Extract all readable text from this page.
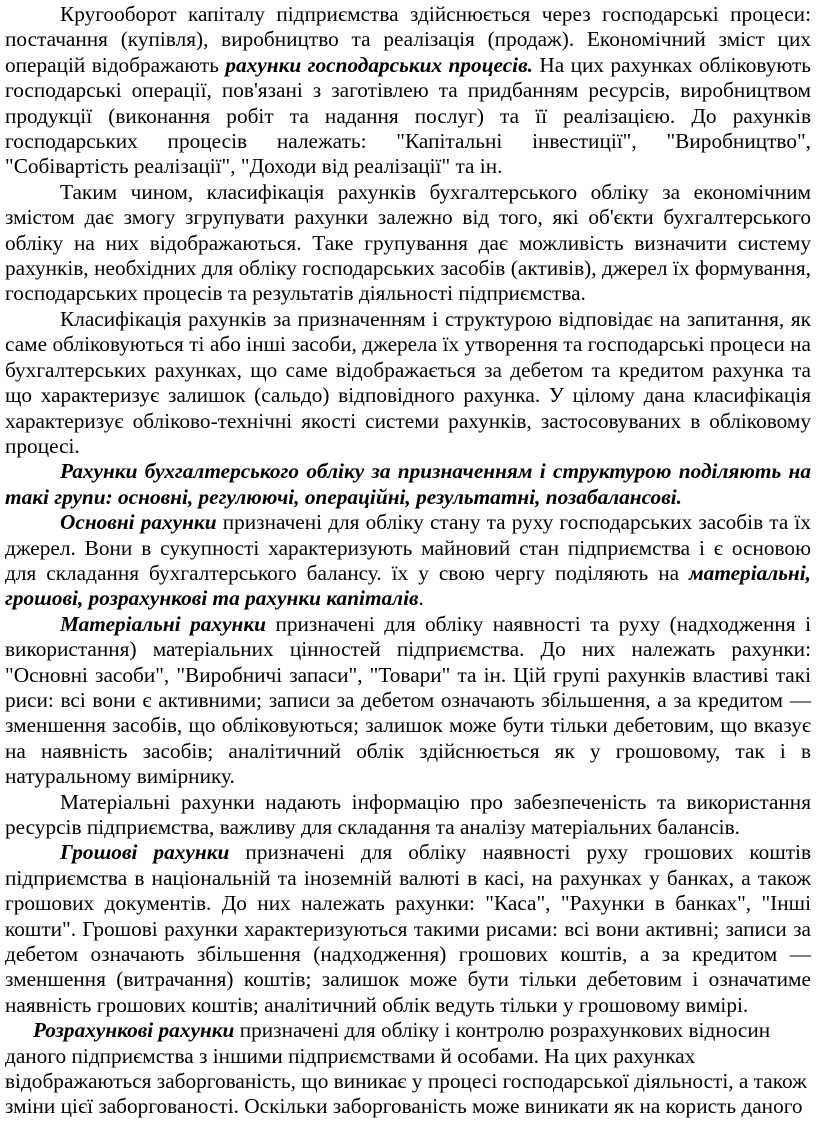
Кругооборот капіталу підприємства здійснюється через господарські процеси: постачання (купівля), виробництво та реалізація (продаж). Економічний зміст цих операцій відображають рахунки господарських процесів. На цих рахунках обліковують господарські операції, пов'язані з заготівлею та придбанням ресурсів, виробництвом продукції (виконання робіт та надання послуг) та її реалізацією. До рахунків господарських процесів належать: "Капітальні інвестиції", "Виробництво", "Собівартість реалізації", "Доходи від реалізації" та ін.

Таким чином, класифікація рахунків бухгалтерського обліку за економічним змістом дає змогу згрупувати рахунки залежно від того, які об'єкти бухгалтерського обліку на них відображаються. Таке групування дає можливість визначити систему рахунків, необхідних для обліку господарських засобів (активів), джерел їх формування, господарських процесів та результатів діяльності підприємства.

Класифікація рахунків за призначенням і структурою відповідає на запитання, як саме обліковуються ті або інші засоби, джерела їх утворення та господарські процеси на бухгалтерських рахунках, що саме відображається за дебетом та кредитом рахунка та що характеризує залишок (сальдо) відповідного рахунка. У цілому дана класифікація характеризує обліково-технічні якості системи рахунків, застосовуваних в обліковому процесі.

Рахунки бухгалтерського обліку за призначенням і структурою поділяють на такі групи: основні, регулюючі, операційні, результатні, позабалансові.

Основні рахунки призначені для обліку стану та руху господарських засобів та їх джерел. Вони в сукупності характеризують майновий стан підприємства і є основою для складання бухгалтерського балансу. їх у свою чергу поділяють на матеріальні, грошові, розрахункові та рахунки капіталів.

Матеріальні рахунки призначені для обліку наявності та руху (надходження і використання) матеріальних цінностей підприємства. До них належать рахунки: "Основні засоби", "Виробничі запаси", "Товари" та ін. Цій групі рахунків властиві такі риси: всі вони є активними; записи за дебетом означають збільшення, а за кредитом — зменшення засобів, що обліковуються; залишок може бути тільки дебетовим, що вказує на наявність засобів; аналітичний облік здійснюється як у грошовому, так і в натуральному вимірнику.

Матеріальні рахунки надають інформацію про забезпеченість та використання ресурсів підприємства, важливу для складання та аналізу матеріальних балансів.

Грошові рахунки призначені для обліку наявності руху грошових коштів підприємства в національній та іноземній валюті в касі, на рахунках у банках, а також грошових документів. До них належать рахунки: "Каса", "Рахунки в банках", "Інші кошти". Грошові рахунки характеризуються такими рисами: всі вони активні; записи за дебетом означають збільшення (надходження) грошових коштів, а за кредитом — зменшення (витрачання) коштів; залишок може бути тільки дебетовим і означатиме наявність грошових коштів; аналітичний облік ведуть тільки у грошовому вимірі.

Розрахункові рахунки призначені для обліку і контролю розрахункових відносин даного підприємства з іншими підприємствами й особами. На цих рахунках відображаються заборгованість, що виникає у процесі господарської діяльності, а також зміни цієї заборгованості. Оскільки заборгованість може виникати як на користь даного
